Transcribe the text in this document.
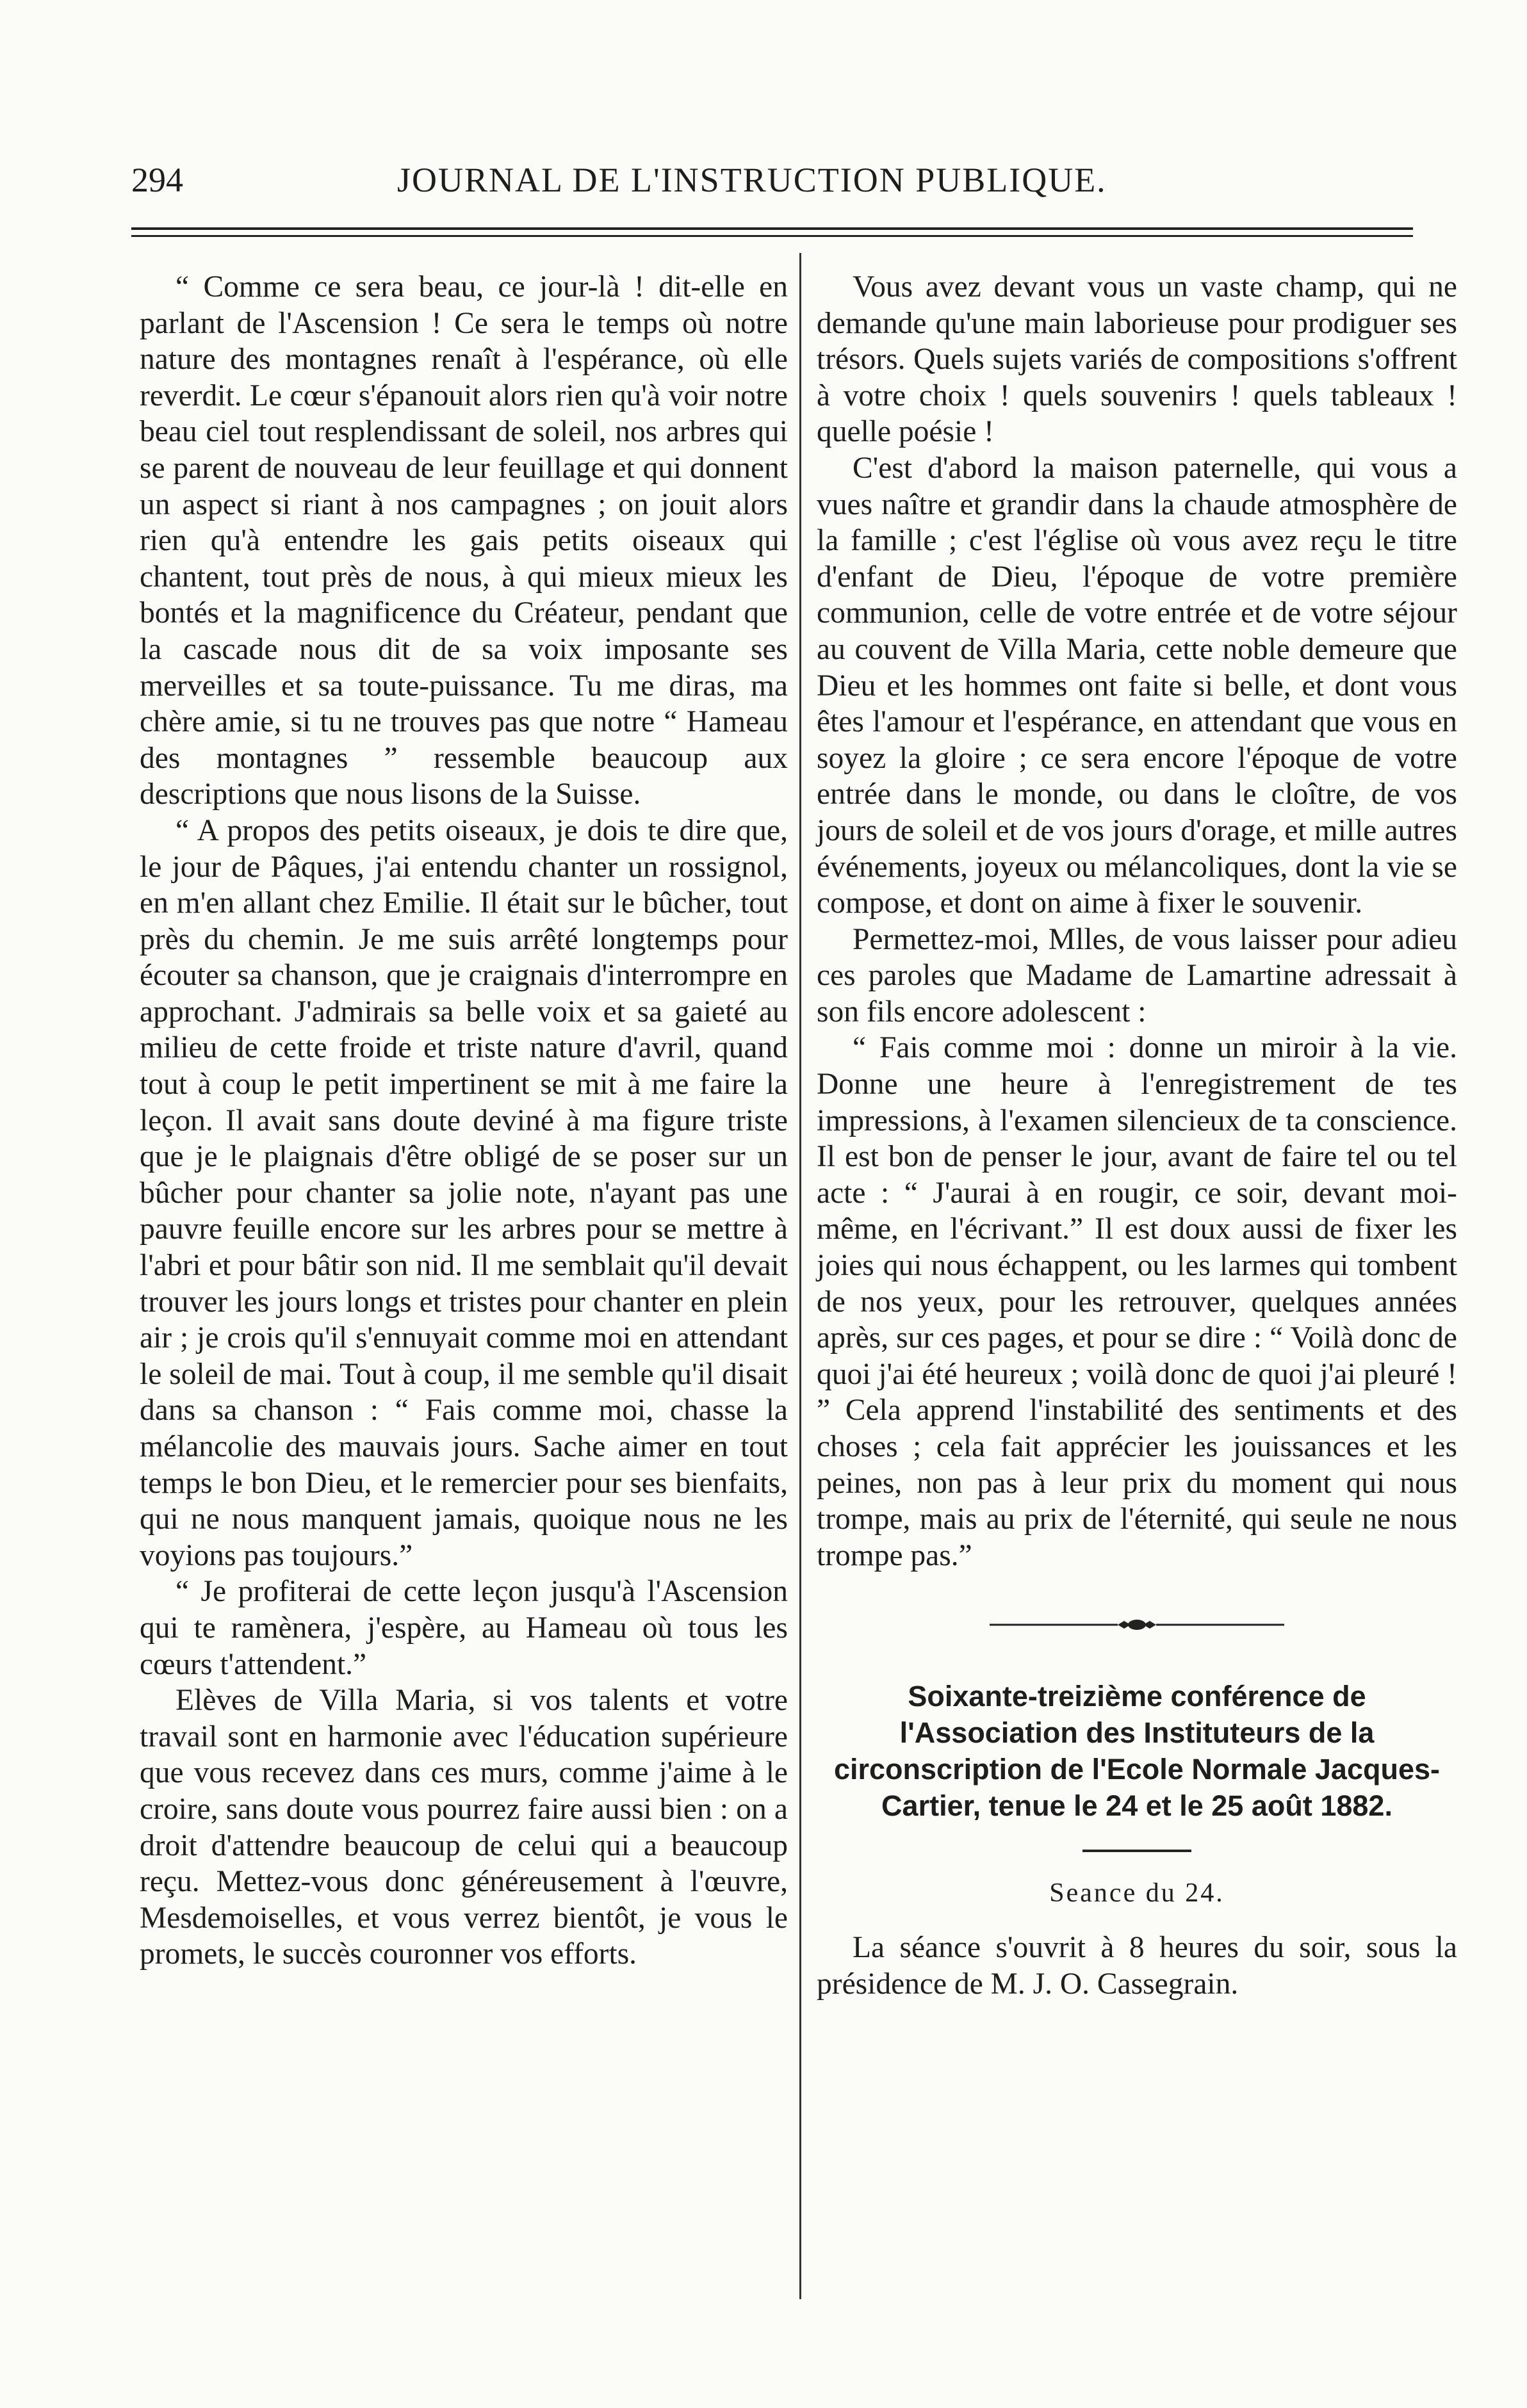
294	JOURNAL DE L'INSTRUCTION PUBLIQUE.

“ Comme ce sera beau, ce jour-là ! dit-elle en parlant de l'Ascension ! Ce sera le temps où notre nature des montagnes renaît à l'espérance, où elle reverdit. Le cœur s'épanouit alors rien qu'à voir notre beau ciel tout resplendissant de soleil, nos arbres qui se parent de nouveau de leur feuillage et qui donnent un aspect si riant à nos campagnes ; on jouit alors rien qu'à entendre les gais petits oiseaux qui chantent, tout près de nous, à qui mieux mieux les bontés et la magnificence du Créateur, pendant que la cascade nous dit de sa voix imposante ses merveilles et sa toute-puissance. Tu me diras, ma chère amie, si tu ne trouves pas que notre “ Hameau des montagnes ” ressemble beaucoup aux descriptions que nous lisons de la Suisse.

“ A propos des petits oiseaux, je dois te dire que, le jour de Pâques, j'ai entendu chanter un rossignol, en m'en allant chez Emilie. Il était sur le bûcher, tout près du chemin. Je me suis arrêté longtemps pour écouter sa chanson, que je craignais d'interrompre en approchant. J'admirais sa belle voix et sa gaieté au milieu de cette froide et triste nature d'avril, quand tout à coup le petit impertinent se mit à me faire la leçon. Il avait sans doute deviné à ma figure triste que je le plaignais d'être obligé de se poser sur un bûcher pour chanter sa jolie note, n'ayant pas une pauvre feuille encore sur les arbres pour se mettre à l'abri et pour bâtir son nid. Il me semblait qu'il devait trouver les jours longs et tristes pour chanter en plein air ; je crois qu'il s'ennuyait comme moi en attendant le soleil de mai. Tout à coup, il me semble qu'il disait dans sa chanson : “ Fais comme moi, chasse la mélancolie des mauvais jours. Sache aimer en tout temps le bon Dieu, et le remercier pour ses bienfaits, qui ne nous manquent jamais, quoique nous ne les voyions pas toujours.”

“ Je profiterai de cette leçon jusqu'à l'Ascension qui te ramènera, j'espère, au Hameau où tous les cœurs t'attendent.”

Elèves de Villa Maria, si vos talents et votre travail sont en harmonie avec l'éducation supérieure que vous recevez dans ces murs, comme j'aime à le croire, sans doute vous pourrez faire aussi bien : on a droit d'attendre beaucoup de celui qui a beaucoup reçu. Mettez-vous donc généreusement à l'œuvre, Mesdemoiselles, et vous verrez bientôt, je vous le promets, le succès couronner vos efforts.

Vous avez devant vous un vaste champ, qui ne demande qu'une main laborieuse pour prodiguer ses trésors. Quels sujets variés de compositions s'offrent à votre choix ! quels souvenirs ! quels tableaux ! quelle poésie !

C'est d'abord la maison paternelle, qui vous a vues naître et grandir dans la chaude atmosphère de la famille ; c'est l'église où vous avez reçu le titre d'enfant de Dieu, l'époque de votre première communion, celle de votre entrée et de votre séjour au couvent de Villa Maria, cette noble demeure que Dieu et les hommes ont faite si belle, et dont vous êtes l'amour et l'espérance, en attendant que vous en soyez la gloire ; ce sera encore l'époque de votre entrée dans le monde, ou dans le cloître, de vos jours de soleil et de vos jours d'orage, et mille autres événements, joyeux ou mélancoliques, dont la vie se compose, et dont on aime à fixer le souvenir.

Permettez-moi, Mlles, de vous laisser pour adieu ces paroles que Madame de Lamartine adressait à son fils encore adolescent :

“ Fais comme moi : donne un miroir à la vie. Donne une heure à l'enregistrement de tes impressions, à l'examen silencieux de ta conscience. Il est bon de penser le jour, avant de faire tel ou tel acte : “ J'aurai à en rougir, ce soir, devant moi-même, en l'écrivant.” Il est doux aussi de fixer les joies qui nous échappent, ou les larmes qui tombent de nos yeux, pour les retrouver, quelques années après, sur ces pages, et pour se dire : “ Voilà donc de quoi j'ai été heureux ; voilà donc de quoi j'ai pleuré ! ” Cela apprend l'instabilité des sentiments et des choses ; cela fait apprécier les jouissances et les peines, non pas à leur prix du moment qui nous trompe, mais au prix de l'éternité, qui seule ne nous trompe pas.”

Soixante-treizième conférence de l'Association des Instituteurs de la circonscription de l'Ecole Normale Jacques-Cartier, tenue le 24 et le 25 août 1882.
Seance du 24.

La séance s'ouvrit à 8 heures du soir, sous la présidence de M. J. O. Cassegrain.
